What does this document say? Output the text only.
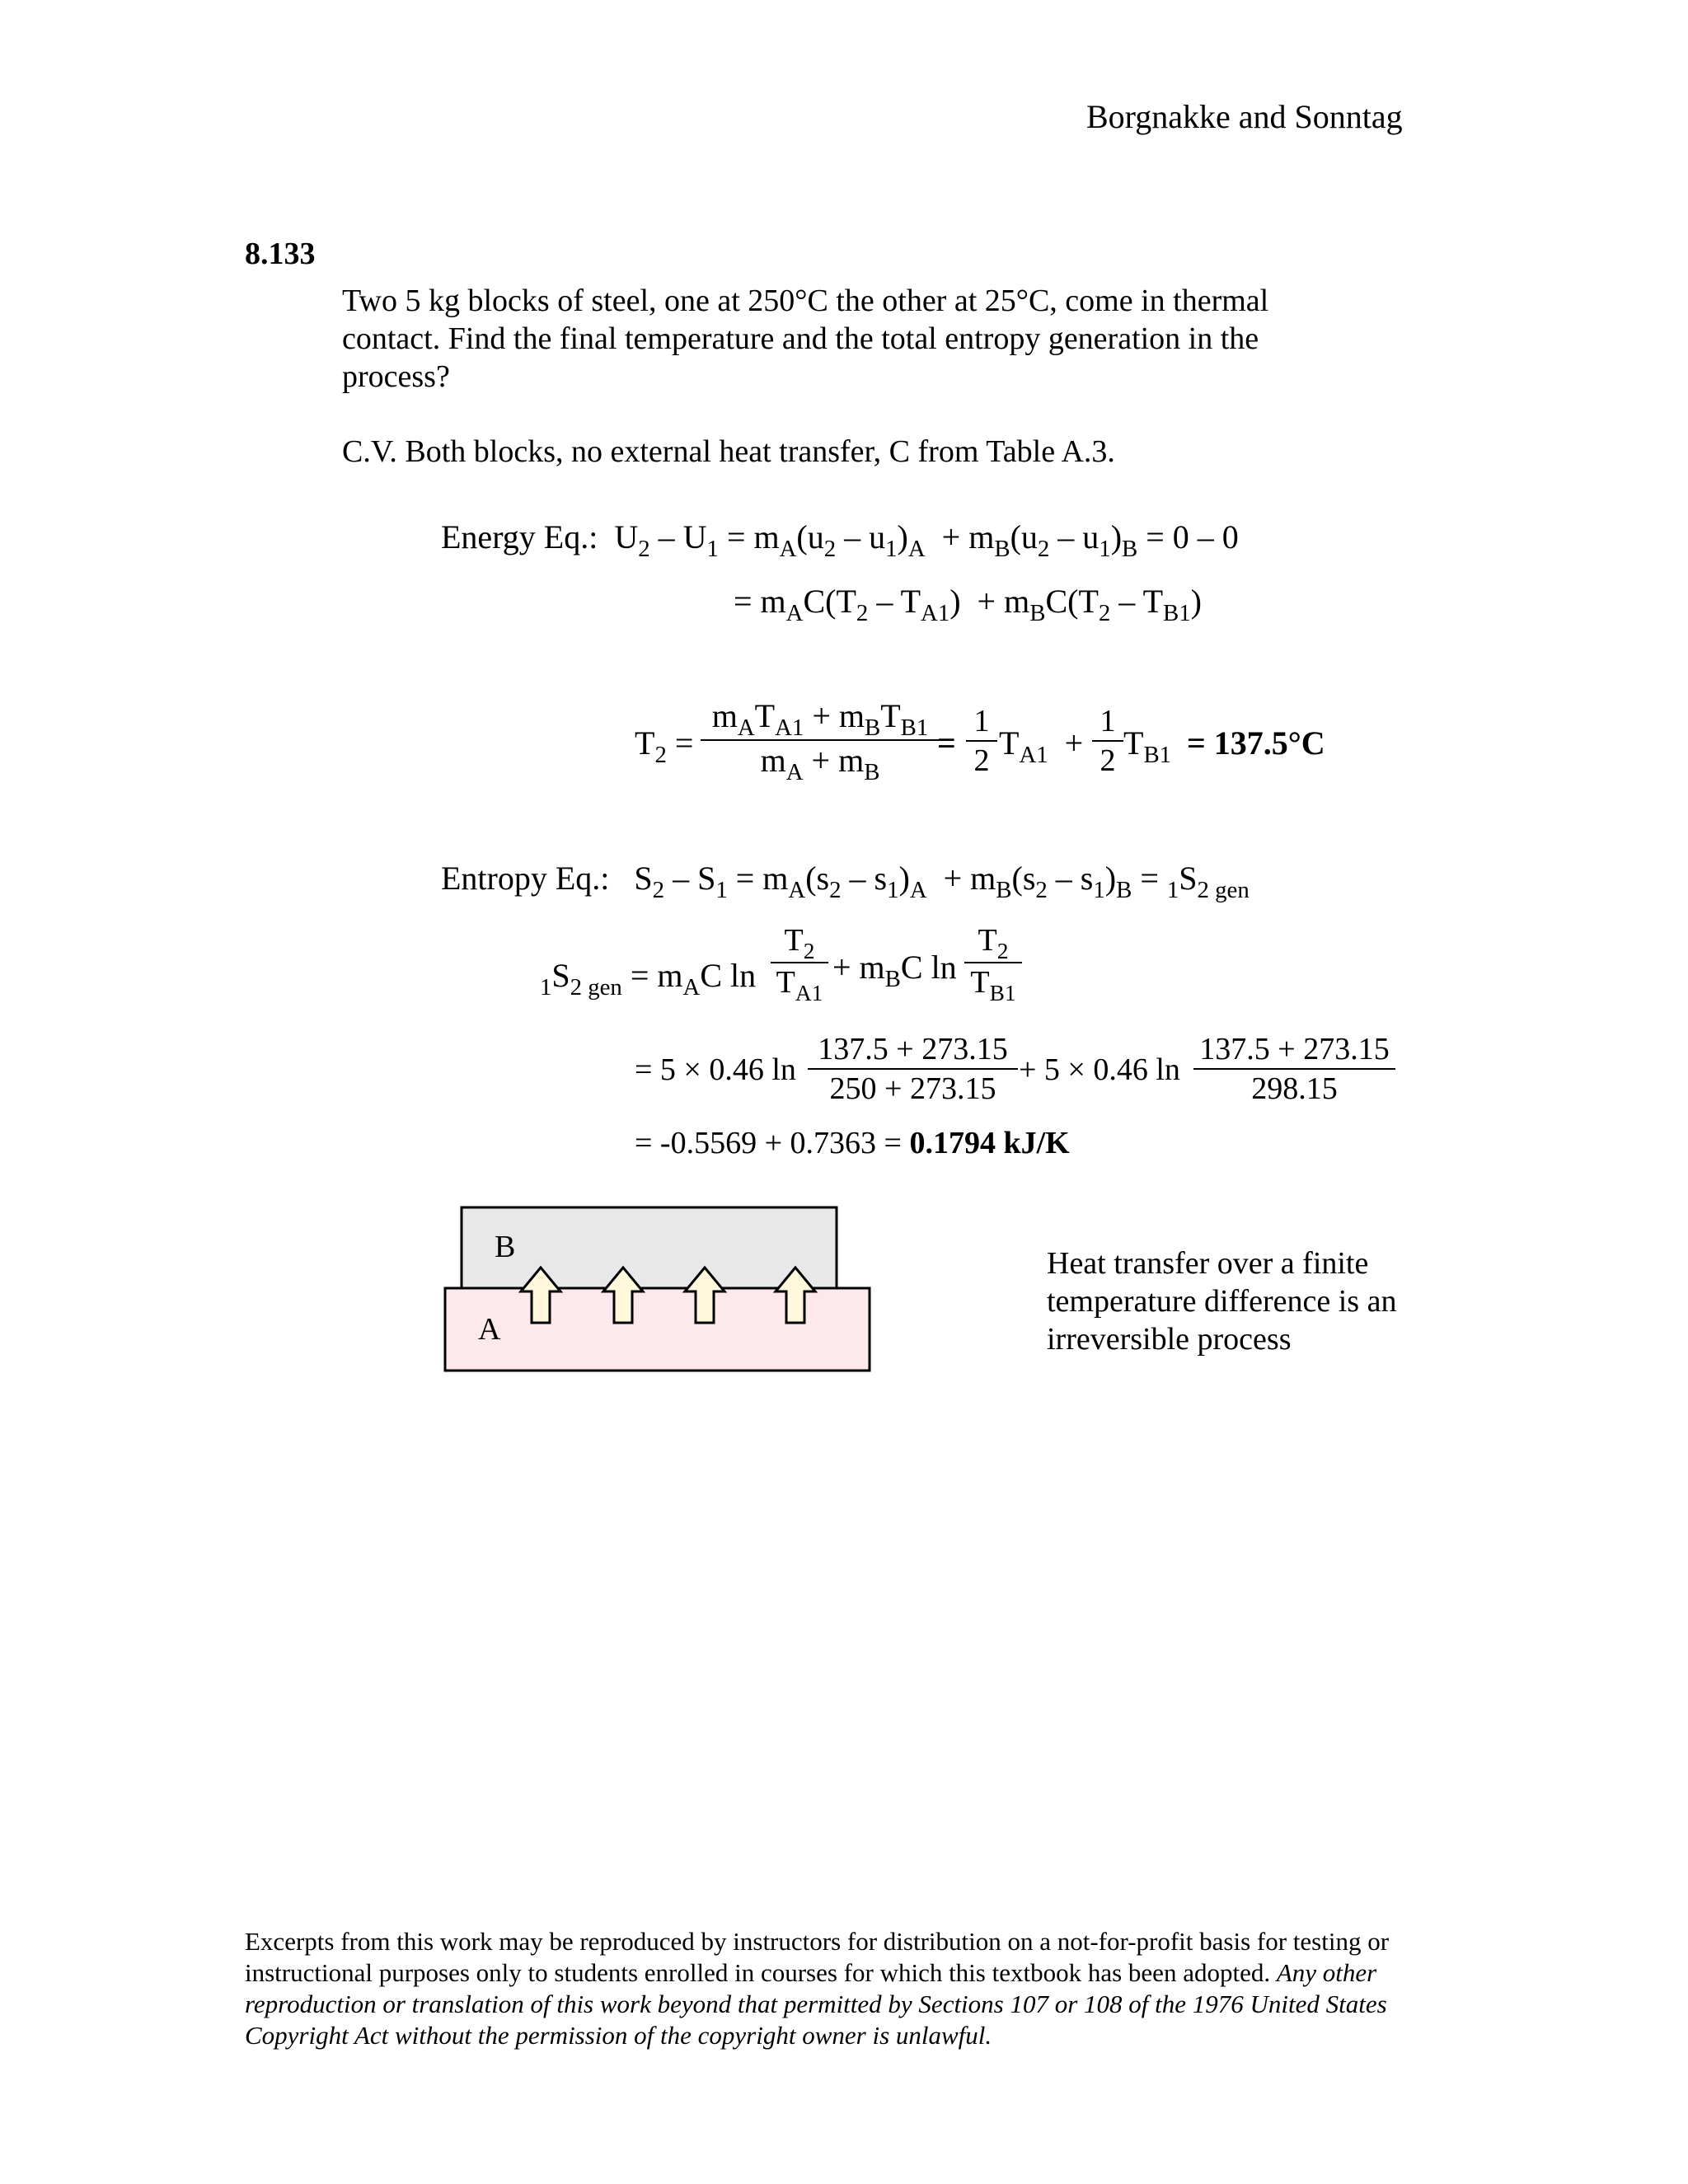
Borgnakke and Sonntag
8.133
Two 5 kg blocks of steel, one at 250°C the other at 25°C, come in thermal
contact. Find the final temperature and the total entropy generation in the
process?
C.V. Both blocks, no external heat transfer, C from Table A.3.
Energy Eq.:  $U_2 - U_1 = m_A(u_2 - u_1)_A + m_B(u_2 - u_1)_B = 0 - 0$
= $m_AC(T_2 - T_{A1}) + m_BC(T_2 - T_{B1})$
$T_2$ =
$m_AT_{A1} + m_BT_{B1}$
$m_A + m_B$
= $\frac{1}{2} T_{A1} + \frac{1}{2} T_{B1} = 137.5^\circ C$
Entropy Eq.:   $S_2 - S_1 = m_A(s_2 - s_1)_A + m_B(s_2 - s_1)_B = _1S_{2 gen}$
$_1S_{2 gen} = m_AC$ $\ln \frac{T_2}{T_{A1}} + m_BC$ $\ln \frac{T_2}{T_{B1}}$
= 5 × 0.46 $\ln \frac{137.5 + 273.15}{250 + 273.15} + 5 \times 0.46$ $\ln \frac{137.5 + 273.15}{298.15}$
= -0.5569 + 0.7363 = 0.1794 kJ/K
B
A
Heat transfer over a finite
temperature difference is an
irreversible process
Excerpts from this work may be reproduced by instructors for distribution on a not-for-profit basis for testing or instructional purposes only to students enrolled in courses for which this textbook has been adopted. Any other reproduction or translation of this work beyond that permitted by Sections 107 or 108 of the 1976 United States Copyright Act without the permission of the copyright owner is unlawful.
